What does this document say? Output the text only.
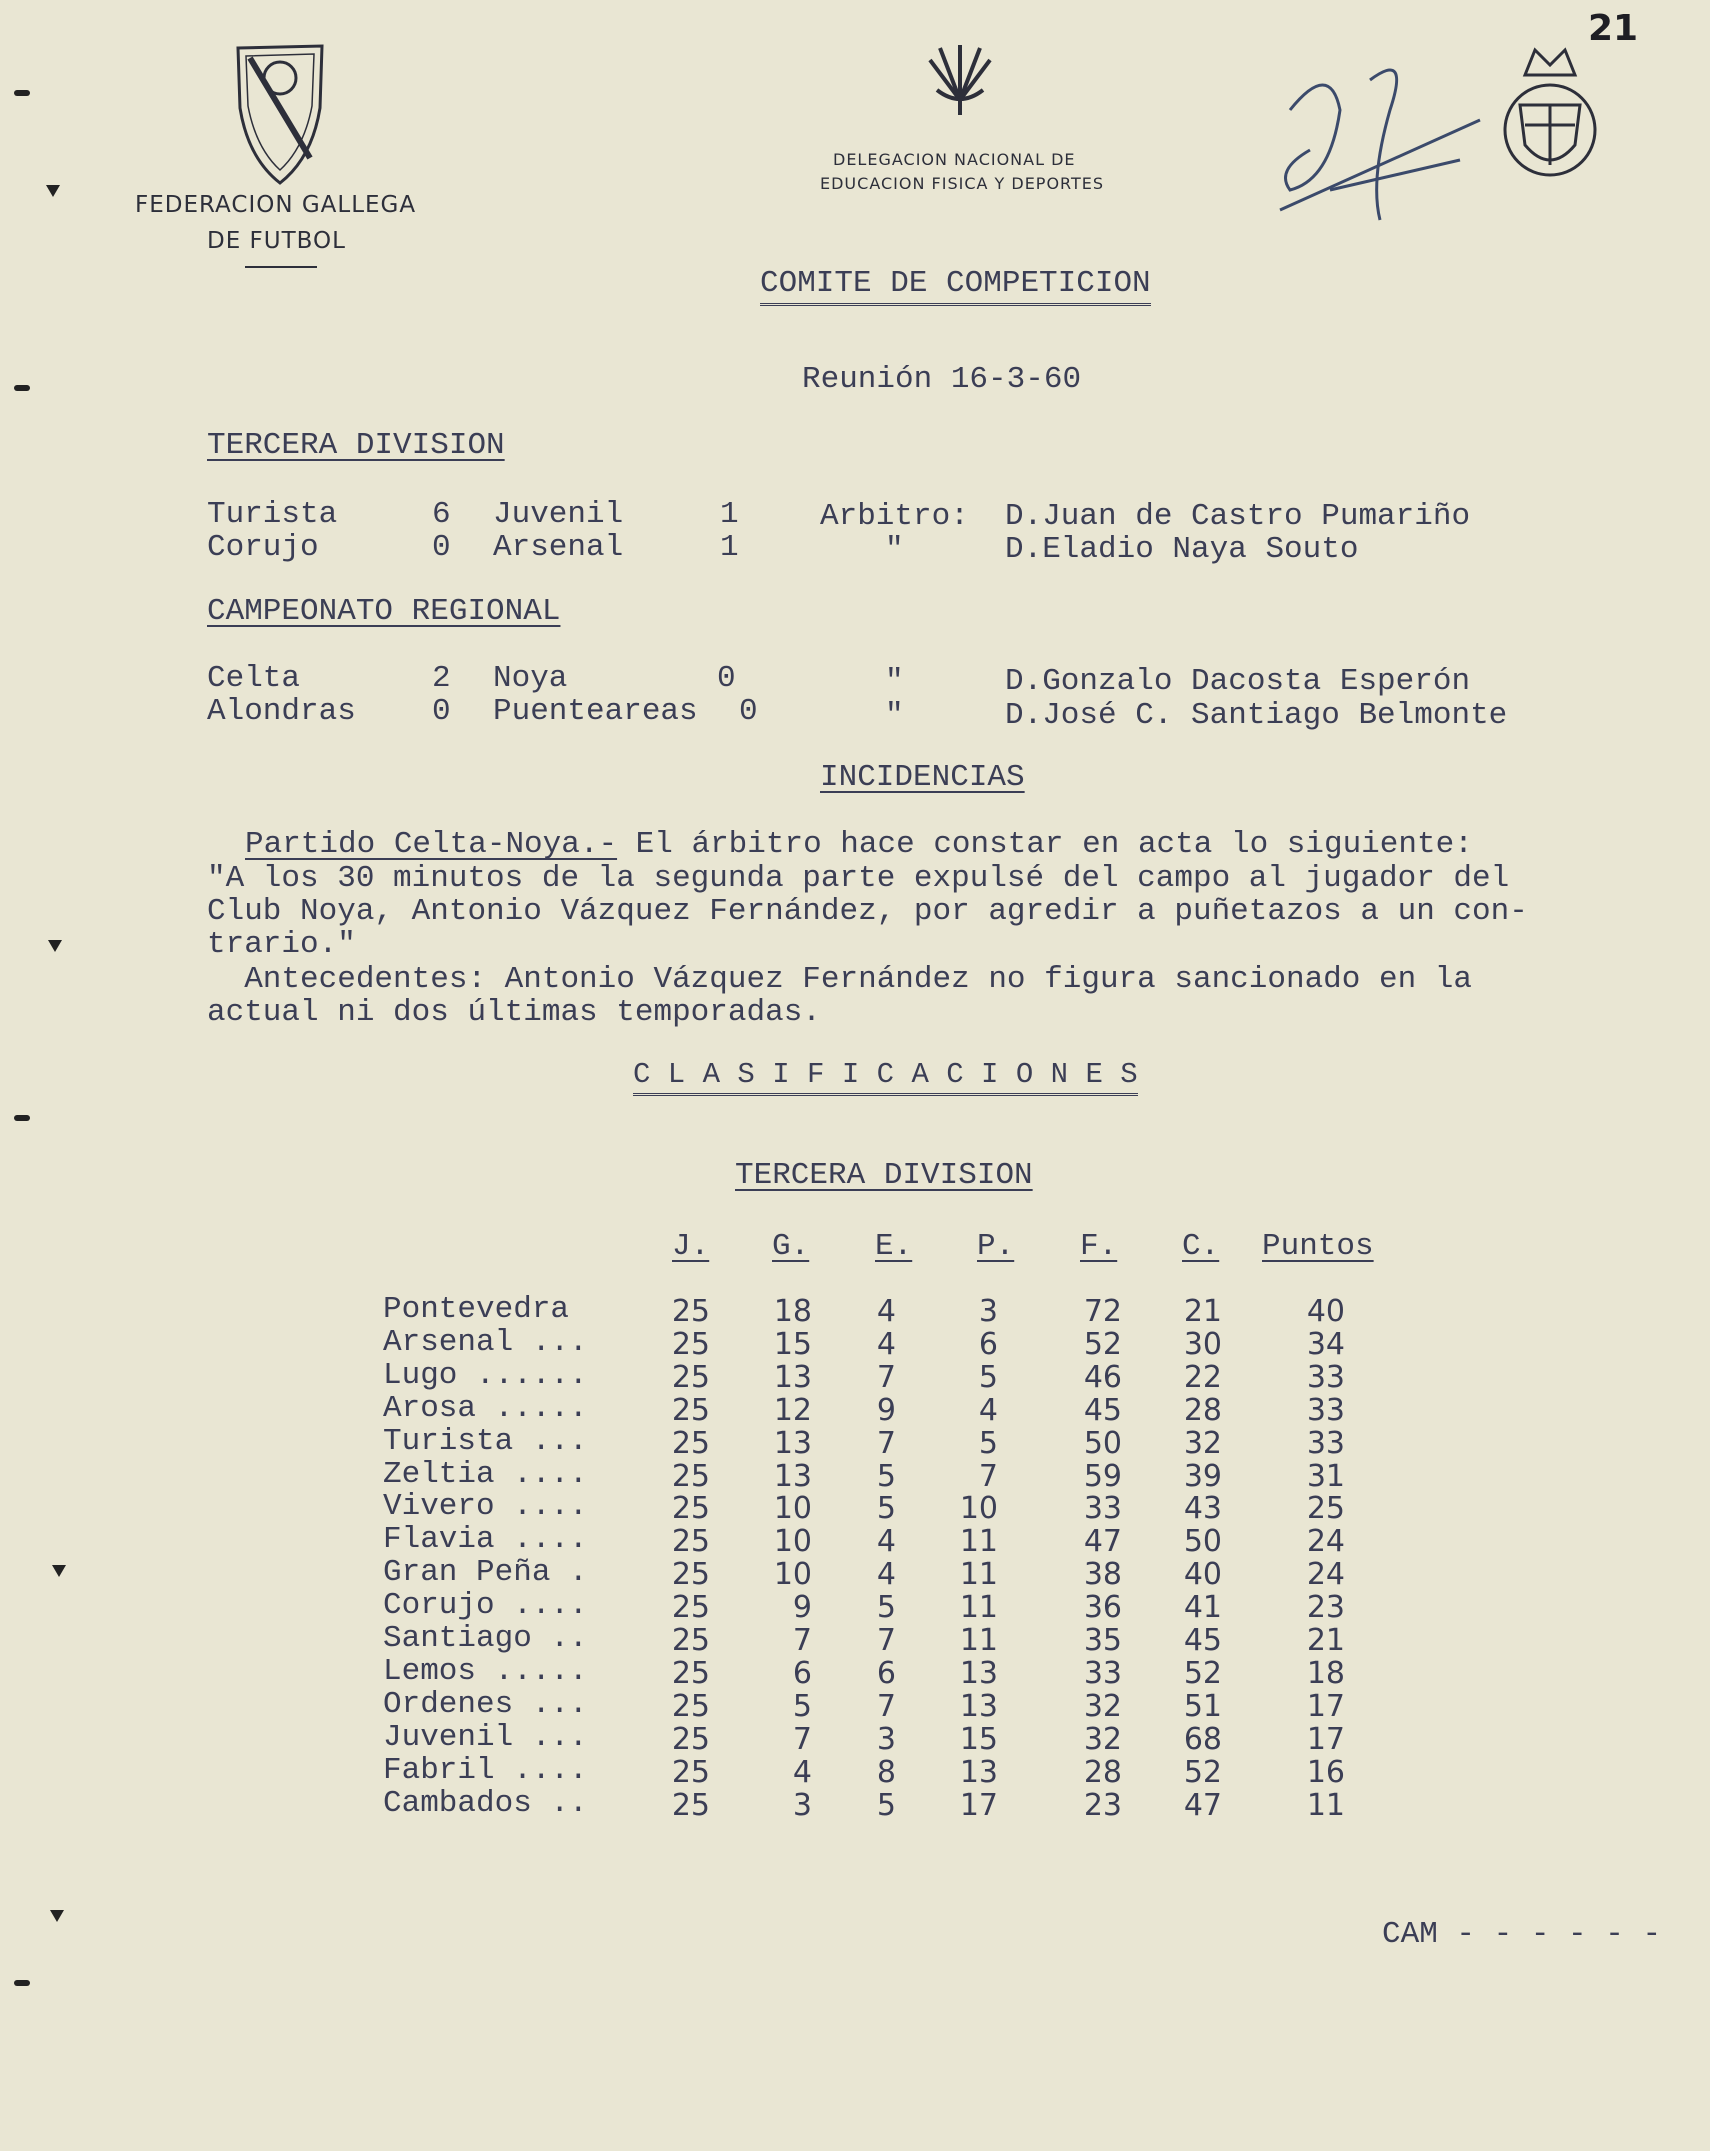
FEDERACION GALLEGA
DE FUTBOL
DELEGACION NACIONAL DE
EDUCACION FISICA Y DEPORTES
21
COMITE DE COMPETICION
Reunión 16-3-60
TERCERA DIVISION
Turista	6 Juvenil	1	Arbitro: D.Juan de Castro Pumariño
Corujo	0 Arsenal	1	"	D.Eladio Naya Souto
CAMPEONATO REGIONAL
Celta	2 Noya	0	"	D.Gonzalo Dacosta Esperón
Alondras 0 Puenteareas 0	"	D.José C. Santiago Belmonte
INCIDENCIAS
Partido Celta-Noya.- El árbitro hace constar en acta lo siguiente:
"A los 30 minutos de la segunda parte expulsé del campo al jugador del
Club Noya, Antonio Vázquez Fernández, por agredir a puñetazos a un con-
trario."
Antecedentes: Antonio Vázquez Fernández no figura sancionado en la
actual ni dos últimas temporadas.
C L A S I F I C A C I O N E S
TERCERA DIVISION
J. G. E. P. F. C. Puntos
Pontevedra	25	18	4	3	72	21	40
Arsenal ...	25	15	4	6	52	30	34
Lugo ......	25	13	7	5	46	22	33
Arosa .....	25	12	9	4	45	28	33
Turista ...	25	13	7	5	50	32	33
Zeltia ....	25	13	5	7	59	39	31
Vivero ....	25	10	5	10	33	43	25
Flavia ....	25	10	4	11	47	50	24
Gran Peña .	25	10	4	11	38	40	24
Corujo ....	25	9	5	11	36	41	23
Santiago ..	25	7	7	11	35	45	21
Lemos .....	25	6	6	13	33	52	18
Ordenes ...	25	5	7	13	32	51	17
Juvenil ...	25	7	3	15	32	68	17
Fabril ....	25	4	8	13	28	52	16
Cambados ..	25	3	5	17	23	47	11
CAM - - - - - -
